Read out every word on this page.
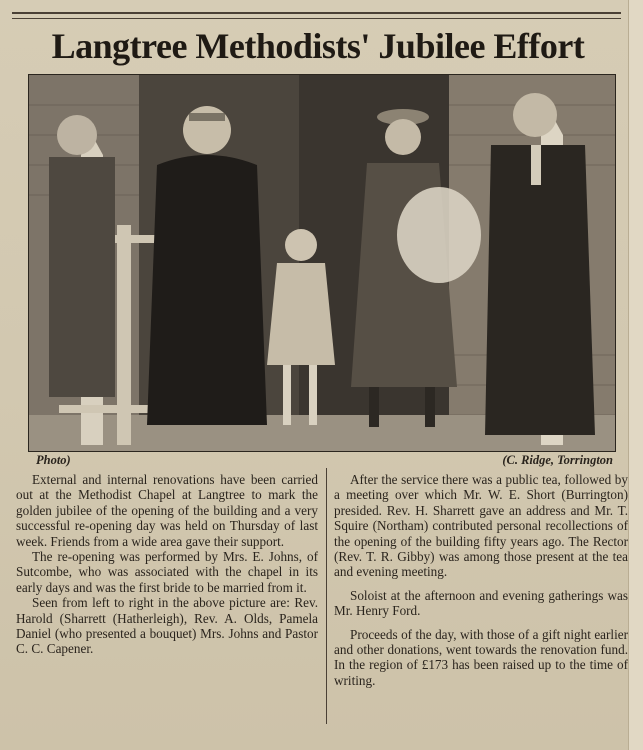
Langtree Methodists' Jubilee Effort
Photo)	(C. Ridge, Torrington

External and internal renovations have been carried out at the Methodist Chapel at Langtree to mark the golden jubilee of the opening of the building and a very successful re-opening day was held on Thursday of last week. Friends from a wide area gave their support.

The re-opening was performed by Mrs. E. Johns, of Sutcombe, who was associated with the chapel in its early days and was the first bride to be married from it.

Seen from left to right in the above picture are: Rev. Harold (Sharrett (Hatherleigh), Rev. A. Olds, Pamela Daniel (who presented a bouquet) Mrs. Johns and Pastor C. C. Capener.

After the service there was a public tea, followed by a meeting over which Mr. W. E. Short (Burrington) presided. Rev. H. Sharrett gave an address and Mr. T. Squire (Northam) contributed personal recollections of the opening of the building fifty years ago. The Rector (Rev. T. R. Gibby) was among those present at the tea and evening meeting.

Soloist at the afternoon and evening gatherings was Mr. Henry Ford.

Proceeds of the day, with those of a gift night earlier and other donations, went towards the renovation fund. In the region of £173 has been raised up to the time of writing.
